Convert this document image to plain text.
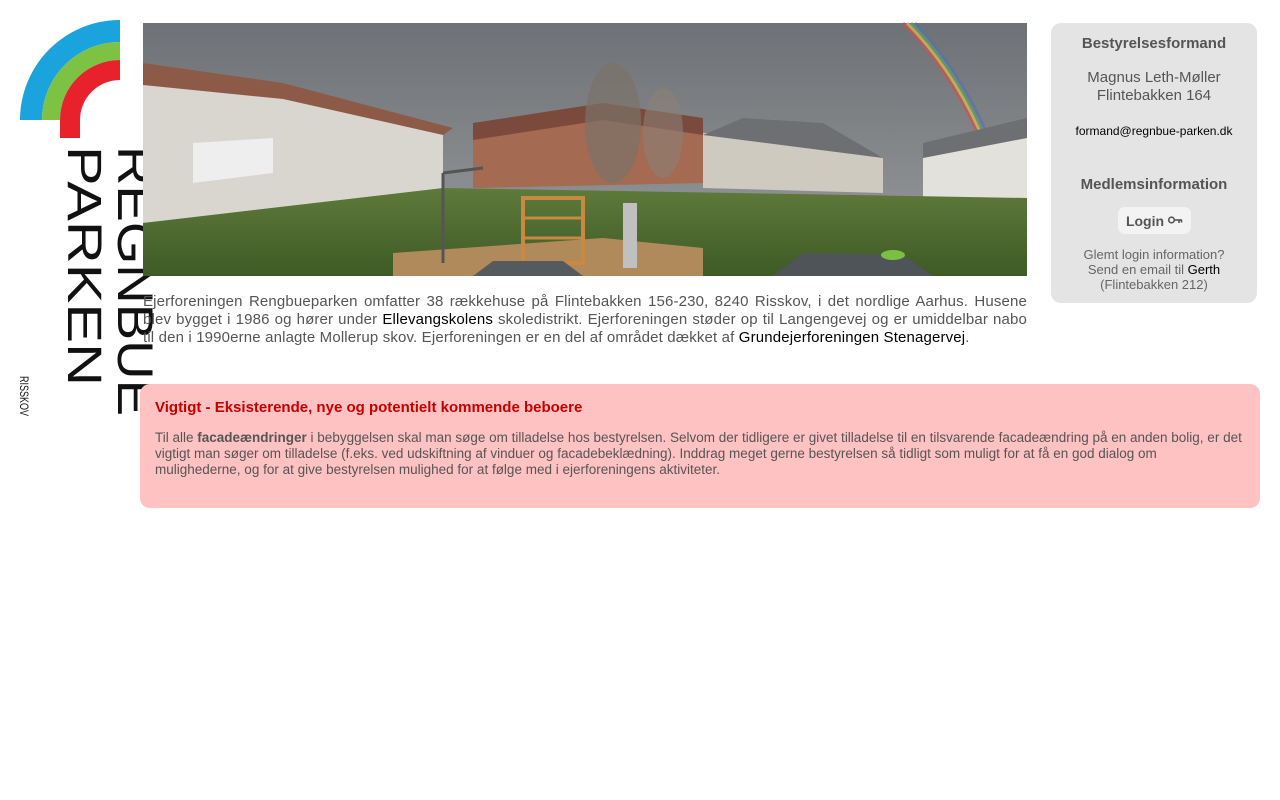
REGNBUE
PARKEN
RISSKOV

Ejerforeningen Rengbueparken omfatter 38 rækkehuse på Flintebakken 156-230, 8240 Risskov, i det nordlige Aarhus. Husene blev bygget i 1986 og hører under Ellevangskolens skoledistrikt. Ejerforeningen støder op til Langengevej og er umiddelbar nabo til den i 1990erne anlagte Mollerup skov. Ejerforeningen er en del af området dækket af Grundejerforeningen Stenagervej.

Bestyrelsesformand
Magnus Leth-Møller
Flintebakken 164
formand@regnbue-parken.dk
Medlemsinformation
Login
Glemt login information?
Send en email til Gerth
(Flintebakken 212)
Vigtigt - Eksisterende, nye og potentielt kommende beboere

Til alle facadeændringer i bebyggelsen skal man søge om tilladelse hos bestyrelsen. Selvom der tidligere er givet tilladelse til en tilsvarende facadeændring på en anden bolig, er det vigtigt man søger om tilladelse (f.eks. ved udskiftning af vinduer og facadebeklædning). Inddrag meget gerne bestyrelsen så tidligt som muligt for at få en god dialog om mulighederne, og for at give bestyrelsen mulighed for at følge med i ejerforeningens aktiviteter.
